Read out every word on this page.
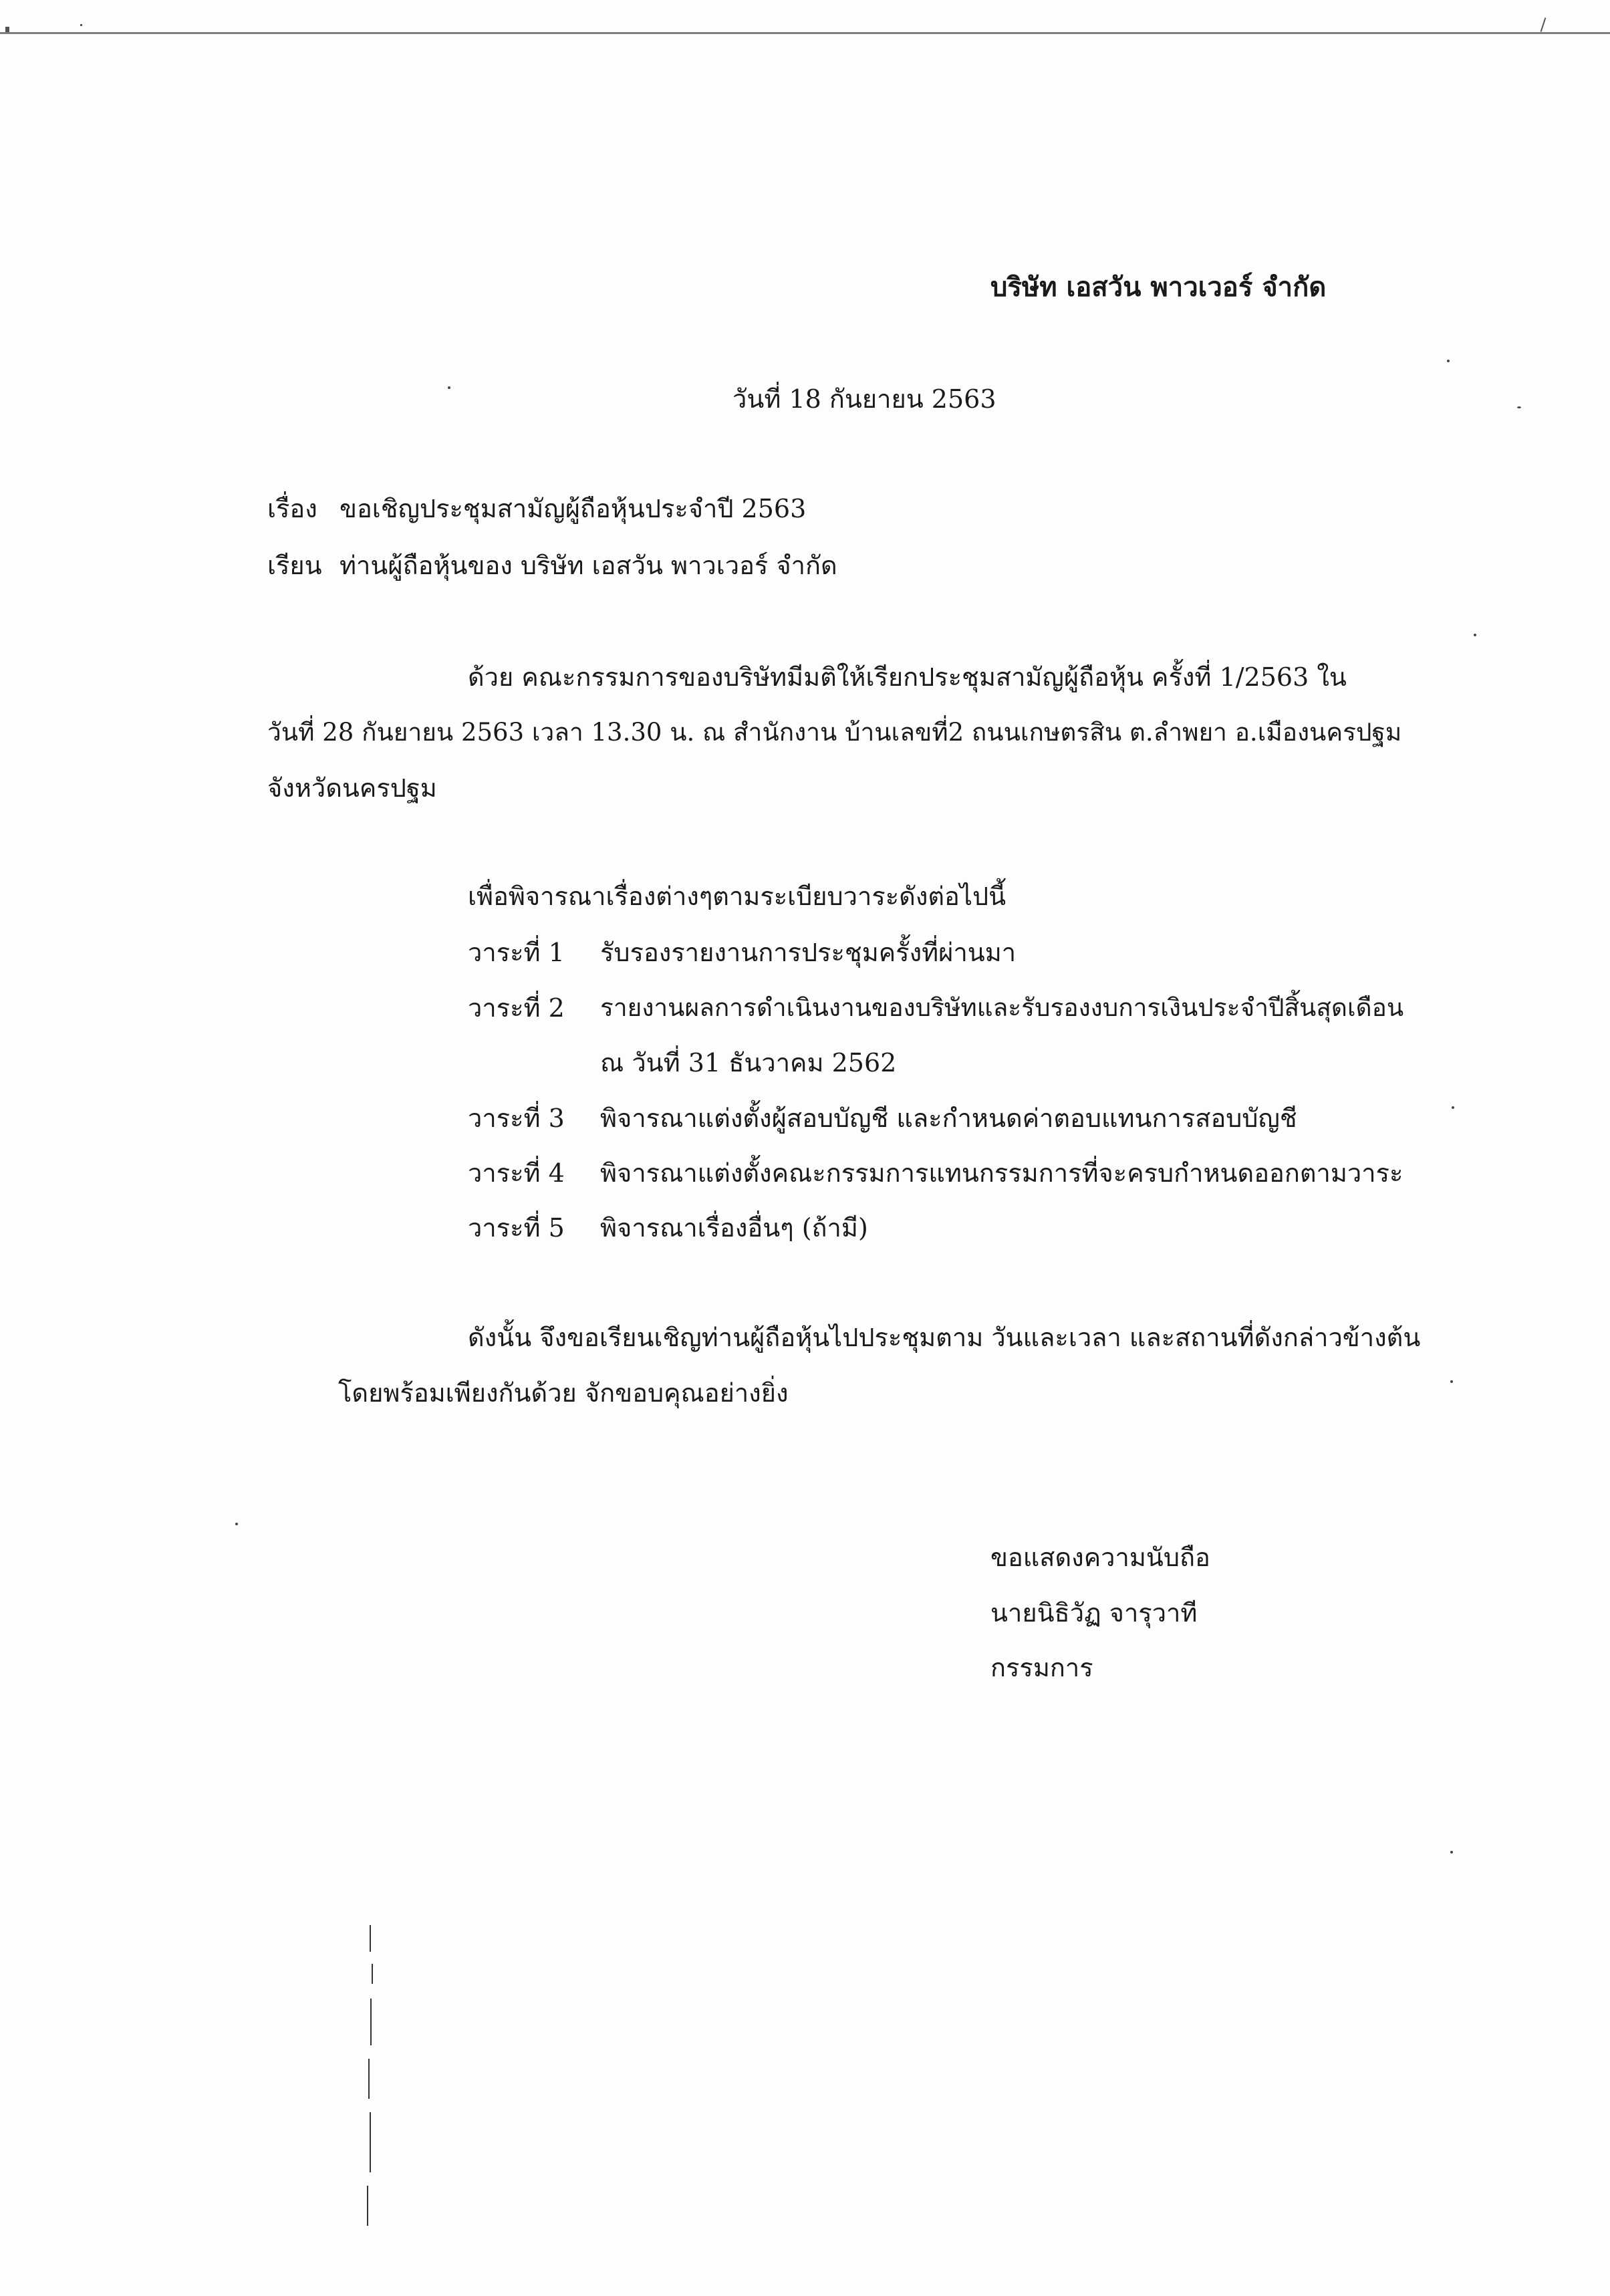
บริษัท เอสวัน พาวเวอร์ จำกัด
วันที่ 18 กันยายน 2563
เรื่อง ขอเชิญประชุมสามัญผู้ถือหุ้นประจำปี 2563
เรียน ท่านผู้ถือหุ้นของ บริษัท เอสวัน พาวเวอร์ จำกัด
ด้วย คณะกรรมการของบริษัทมีมติให้เรียกประชุมสามัญผู้ถือหุ้น ครั้งที่ 1/2563 ใน
วันที่ 28 กันยายน 2563 เวลา 13.30 น. ณ สำนักงาน บ้านเลขที่2 ถนนเกษตรสิน ต.ลำพยา อ.เมืองนครปฐม
จังหวัดนครปฐม
เพื่อพิจารณาเรื่องต่างๆตามระเบียบวาระดังต่อไปนี้
วาระที่ 1 รับรองรายงานการประชุมครั้งที่ผ่านมา
วาระที่ 2 รายงานผลการดำเนินงานของบริษัทและรับรองงบการเงินประจำปีสิ้นสุดเดือน
ณ วันที่ 31 ธันวาคม 2562
วาระที่ 3 พิจารณาแต่งตั้งผู้สอบบัญชี และกำหนดค่าตอบแทนการสอบบัญชี
วาระที่ 4 พิจารณาแต่งตั้งคณะกรรมการแทนกรรมการที่จะครบกำหนดออกตามวาระ
วาระที่ 5 พิจารณาเรื่องอื่นๆ (ถ้ามี)
ดังนั้น จึงขอเรียนเชิญท่านผู้ถือหุ้นไปประชุมตาม วันและเวลา และสถานที่ดังกล่าวข้างต้น
โดยพร้อมเพียงกันด้วย จักขอบคุณอย่างยิ่ง
ขอแสดงความนับถือ
นายนิธิวัฏ จารุวาที
กรรมการ
